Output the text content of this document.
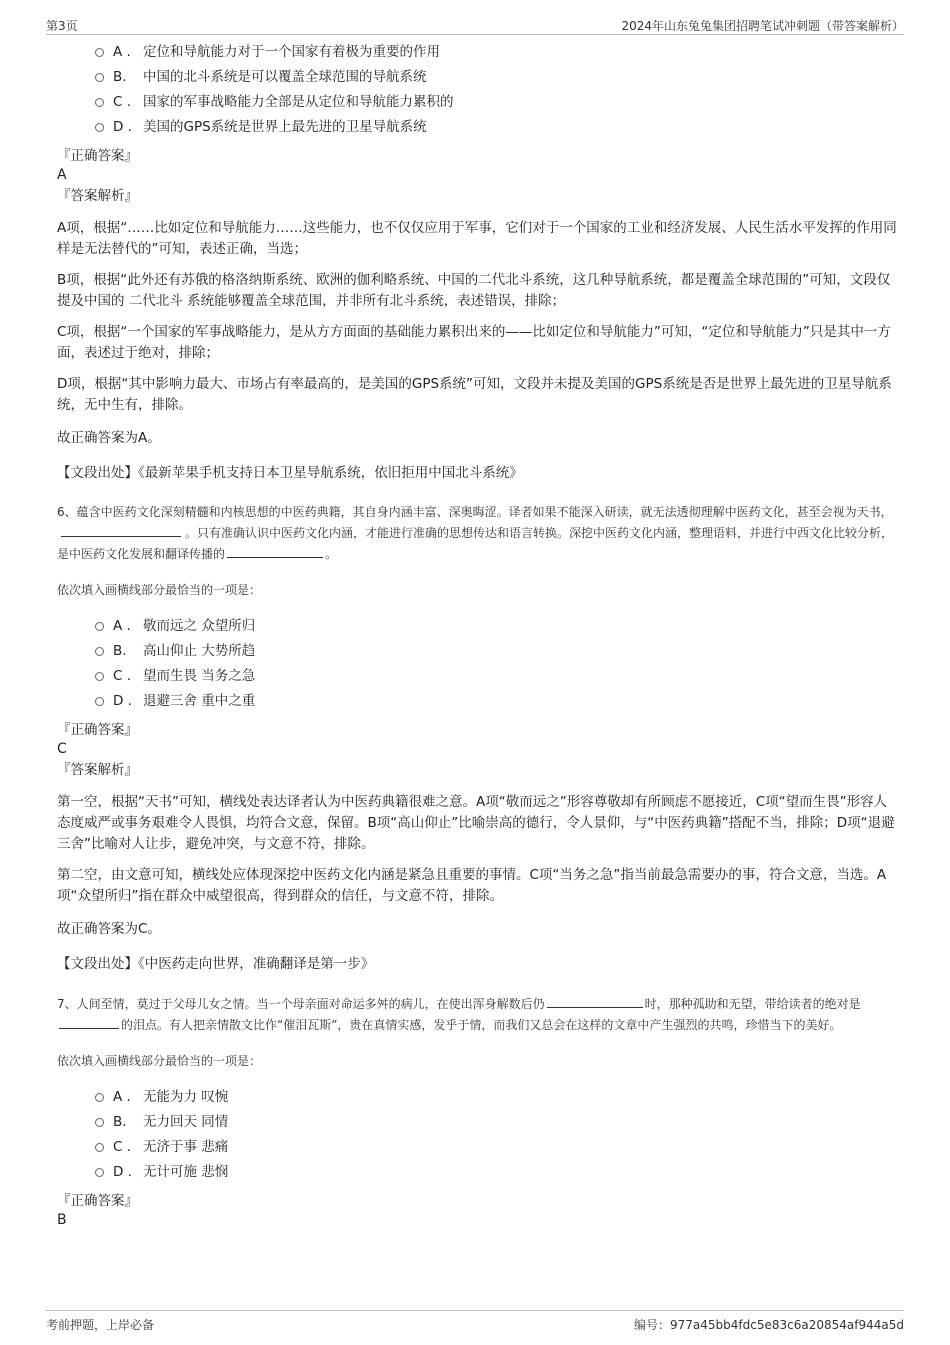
第3页	2024年山东兔兔集团招聘笔试冲刺题（带答案解析）
A . 定位和导航能力对于一个国家有着极为重要的作用
B.	中国的北斗系统是可以覆盖全球范围的导航系统
C . 国家的军事战略能力全部是从定位和导航能力累积的
D . 美国的GPS系统是世界上最先进的卫星导航系统
『正确答案』
A
『答案解析』

A项，根据“……比如定位和导航能力……这些能力，也不仅仅应用于军事，它们对于一个国家的工业和经济发展、人民生活水平发挥的作用同样是无法替代的”可知，表述正确，当选；

B项，根据“此外还有苏俄的格洛纳斯系统、欧洲的伽利略系统、中国的二代北斗系统，这几种导航系统，都是覆盖全球范围的”可知，文段仅提及中国的 二代北斗 系统能够覆盖全球范围，并非所有北斗系统，表述错误，排除；

C项，根据“一个国家的军事战略能力，是从方方面面的基础能力累积出来的——比如定位和导航能力”可知，“定位和导航能力”只是其中一方面，表述过于绝对，排除；

D项，根据“其中影响力最大、市场占有率最高的，是美国的GPS系统”可知，文段并未提及美国的GPS系统是否是世界上最先进的卫星导航系统，无中生有，排除。

故正确答案为A。

【文段出处】《最新苹果手机支持日本卫星导航系统，依旧拒用中国北斗系统》
6、蕴含中医药文化深刻精髓和内核思想的中医药典籍，其自身内涵丰富、深奥晦涩。译者如果不能深入研读，就无法透彻理解中医药文化，甚至会视为天书，。只有准确认识中医药文化内涵，才能进行准确的思想传达和语言转换。深挖中医药文化内涵，整理语料，并进行中西文化比较分析，是中医药文化发展和翻译传播的	。
依次填入画横线部分最恰当的一项是：
A . 敬而远之 众望所归
B.	高山仰止 大势所趋
C . 望而生畏 当务之急
D . 退避三舍 重中之重
『正确答案』
C
『答案解析』

第一空，根据“天书”可知，横线处表达译者认为中医药典籍很难之意。A项“敬而远之”形容尊敬却有所顾虑不愿接近，C项“望而生畏”形容人态度威严或事务艰难令人畏惧，均符合文意，保留。B项“高山仰止”比喻崇高的德行，令人景仰，与“中医药典籍”搭配不当，排除；D项“退避三舍”比喻对人让步，避免冲突，与文意不符，排除。

第二空，由文意可知，横线处应体现深挖中医药文化内涵是紧急且重要的事情。C项“当务之急”指当前最急需要办的事，符合文意，当选。A项“众望所归”指在群众中威望很高，得到群众的信任，与文意不符，排除。

故正确答案为C。

【文段出处】《中医药走向世界，准确翻译是第一步》
7、人间至情，莫过于父母儿女之情。当一个母亲面对命运多舛的病儿，在使出浑身解数后仍	时，那种孤助和无望，带给读者的绝对是的泪点。有人把亲情散文比作“催泪瓦斯”，贵在真情实感，发乎于情，而我们又总会在这样的文章中产生强烈的共鸣，珍惜当下的美好。
依次填入画横线部分最恰当的一项是：
A . 无能为力 叹惋
B.	无力回天 同情
C . 无济于事 悲痛
D . 无计可施 悲悯
『正确答案』
B
考前押题，上岸必备	编号：977a45bb4fdc5e83c6a20854af944a5d
